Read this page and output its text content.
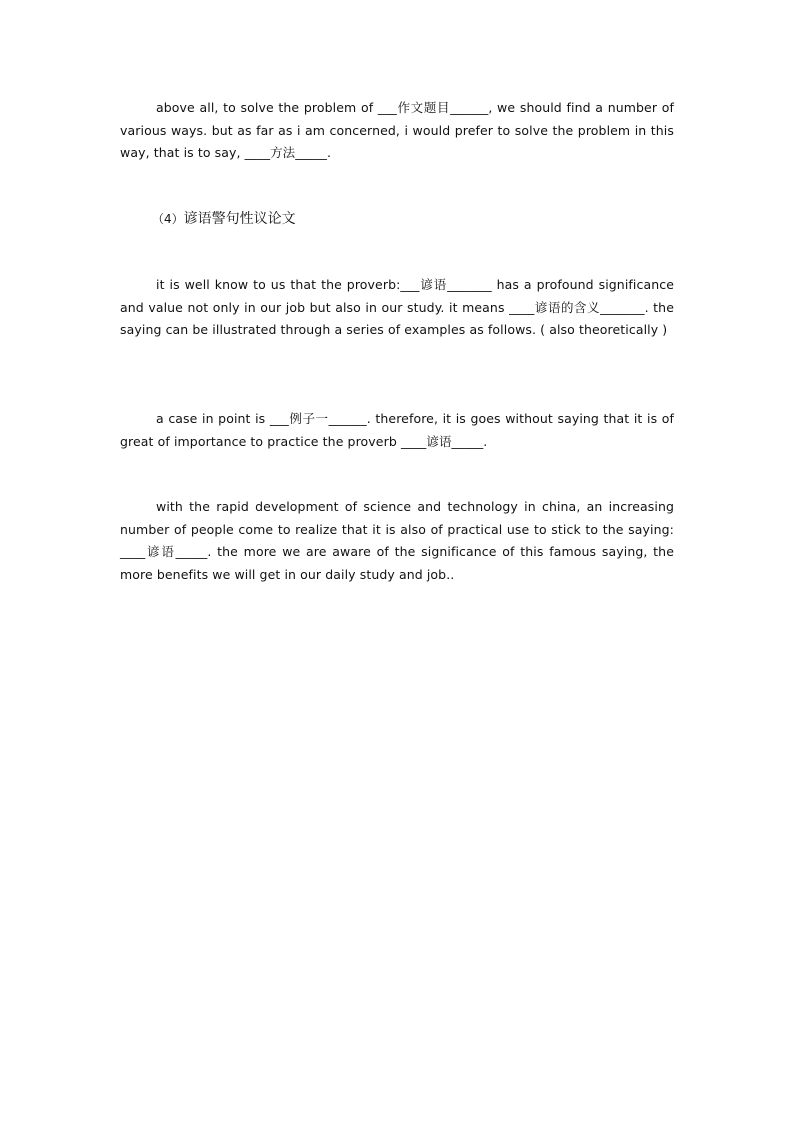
above all, to solve the problem of ___作文题目______, we should find a number of various ways. but as far as i am concerned, i would prefer to solve the problem in this way, that is to say, ____方法_____.

（4）谚语警句性议论文

it is well know to us that the proverb:___谚语_______ has a profound significance and value not only in our job but also in our study. it means ____谚语的含义_______. the saying can be illustrated through a series of examples as follows. ( also theoretically )

a case in point is ___例子一______. therefore, it is goes without saying that it is of great of importance to practice the proverb ____谚语_____.

with the rapid development of science and technology in china, an increasing number of people come to realize that it is also of practical use to stick to the saying: ____谚语_____. the more we are aware of the significance of this famous saying, the more benefits we will get in our daily study and job..
